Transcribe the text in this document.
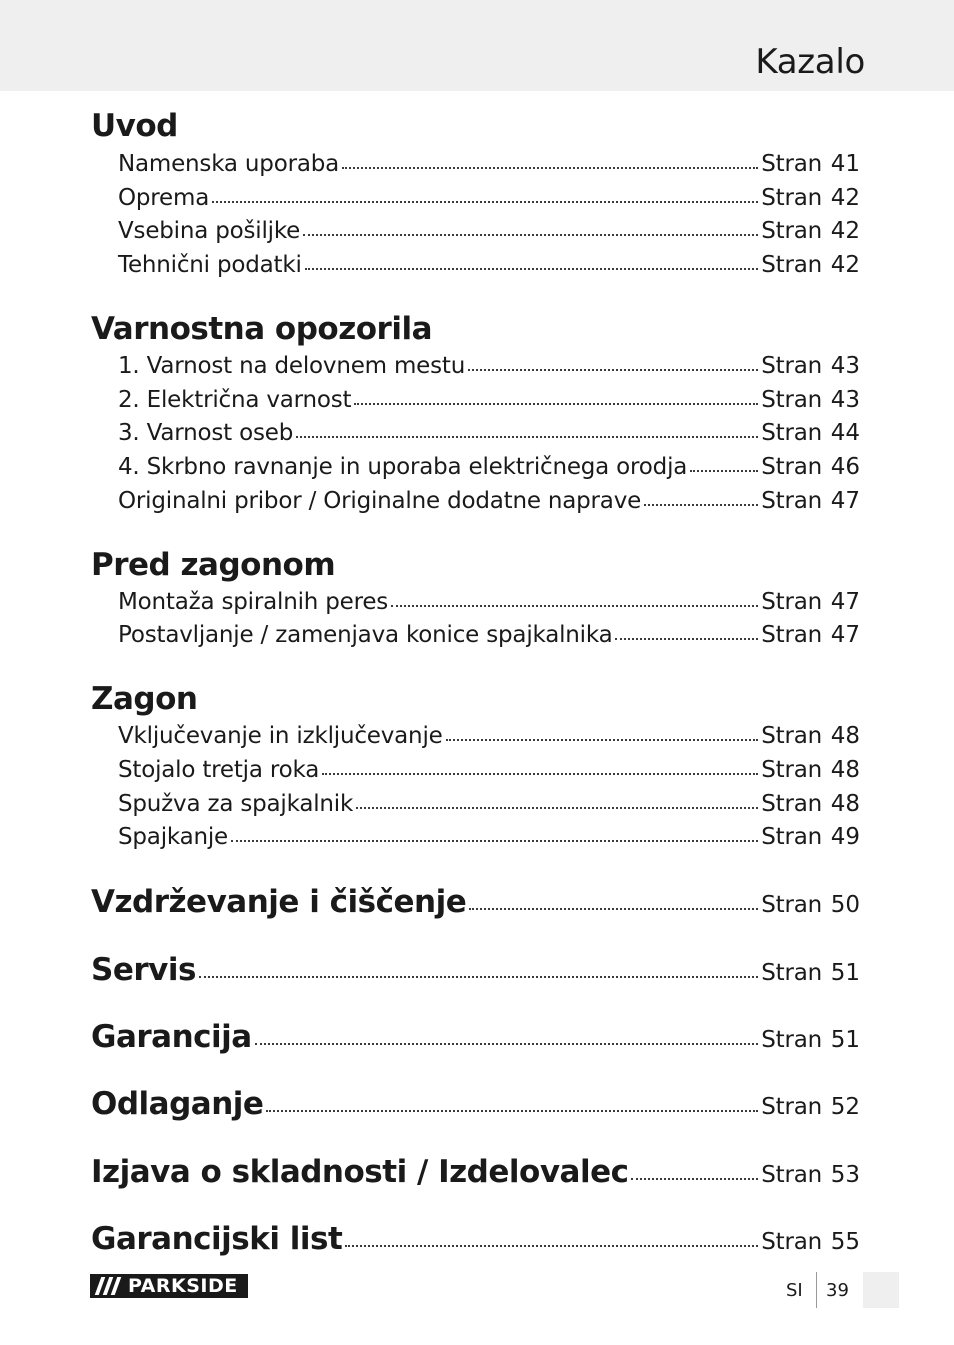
Kazalo
Uvod
Namenska uporaba	Stran 41
Oprema	Stran 42
Vsebina pošiljke	Stran 42
Tehnični podatki	Stran 42
Varnostna opozorila
1. Varnost na delovnem mestu	Stran 43
2. Električna varnost	Stran 43
3. Varnost oseb	Stran 44
4. Skrbno ravnanje in uporaba električnega orodja	Stran 46
Originalni pribor / Originalne dodatne naprave	Stran 47
Pred zagonom
Montaža spiralnih peres	Stran 47
Postavljanje / zamenjava konice spajkalnika	Stran 47
Zagon
Vključevanje in izključevanje	Stran 48
Stojalo tretja roka	Stran 48
Spužva za spajkalnik	Stran 48
Spajkanje	Stran 49
Vzdrževanje i čiščenje	Stran 50
Servis	Stran 51
Garancija	Stran 51
Odlaganje	Stran 52
Izjava o skladnosti / Izdelovalec	Stran 53
Garancijski list	Stran 55
PARKSIDE	SI 39
